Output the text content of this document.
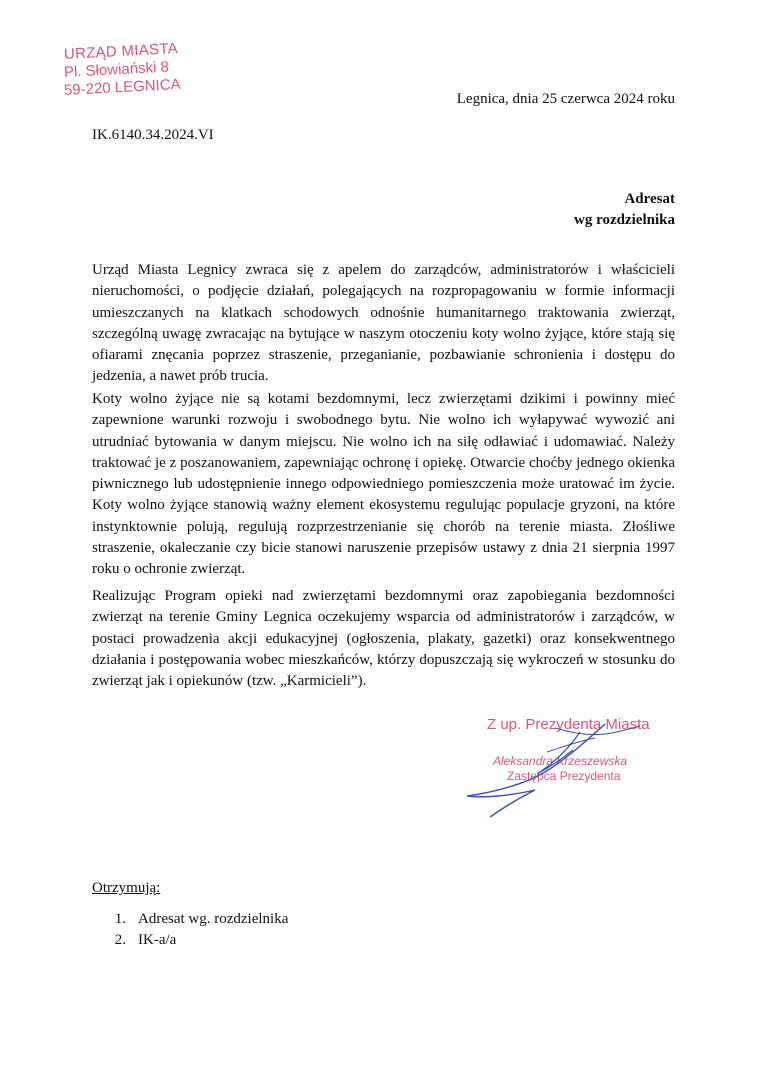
URZĄD MIASTA
Pl. Słowiański 8
59-220 LEGNICA
Legnica, dnia 25 czerwca 2024 roku
IK.6140.34.2024.VI
Adresat
wg rozdzielnika

Urząd Miasta Legnicy zwraca się z apelem do zarządców, administratorów i właścicieli nieruchomości, o podjęcie działań, polegających na rozpropagowaniu w formie informacji umieszczanych na klatkach schodowych odnośnie humanitarnego traktowania zwierząt, szczególną uwagę zwracając na bytujące w naszym otoczeniu koty wolno żyjące, które stają się ofiarami znęcania poprzez straszenie, przeganianie, pozbawianie schronienia i dostępu do jedzenia, a nawet prób trucia.

Koty wolno żyjące nie są kotami bezdomnymi, lecz zwierzętami dzikimi i powinny mieć zapewnione warunki rozwoju i swobodnego bytu. Nie wolno ich wyłapywać wywozić ani utrudniać bytowania w danym miejscu. Nie wolno ich na siłę odławiać i udomawiać. Należy traktować je z poszanowaniem, zapewniając ochronę i opiekę. Otwarcie choćby jednego okienka piwnicznego lub udostępnienie innego odpowiedniego pomieszczenia może uratować im życie. Koty wolno żyjące stanowią ważny element ekosystemu regulując populacje gryzoni, na które instynktownie polują, regulują rozprzestrzenianie się chorób na terenie miasta. Złośliwe straszenie, okaleczanie czy bicie stanowi naruszenie przepisów ustawy z dnia 21 sierpnia 1997 roku o ochronie zwierząt.

Realizując Program opieki nad zwierzętami bezdomnymi oraz zapobiegania bezdomności zwierząt na terenie Gminy Legnica oczekujemy wsparcia od administratorów i zarządców, w postaci prowadzenia akcji edukacyjnej (ogłoszenia, plakaty, gazetki) oraz konsekwentnego działania i postępowania wobec mieszkańców, którzy dopuszczają się wykroczeń w stosunku do zwierząt jak i opiekunów (tzw. „Karmicieli”).

Z up. Prezydenta Miasta
Aleksandra Krzeszewska
Zastępca Prezydenta
Otrzymują:
1. Adresat wg. rozdzielnika
2. IK-a/a
